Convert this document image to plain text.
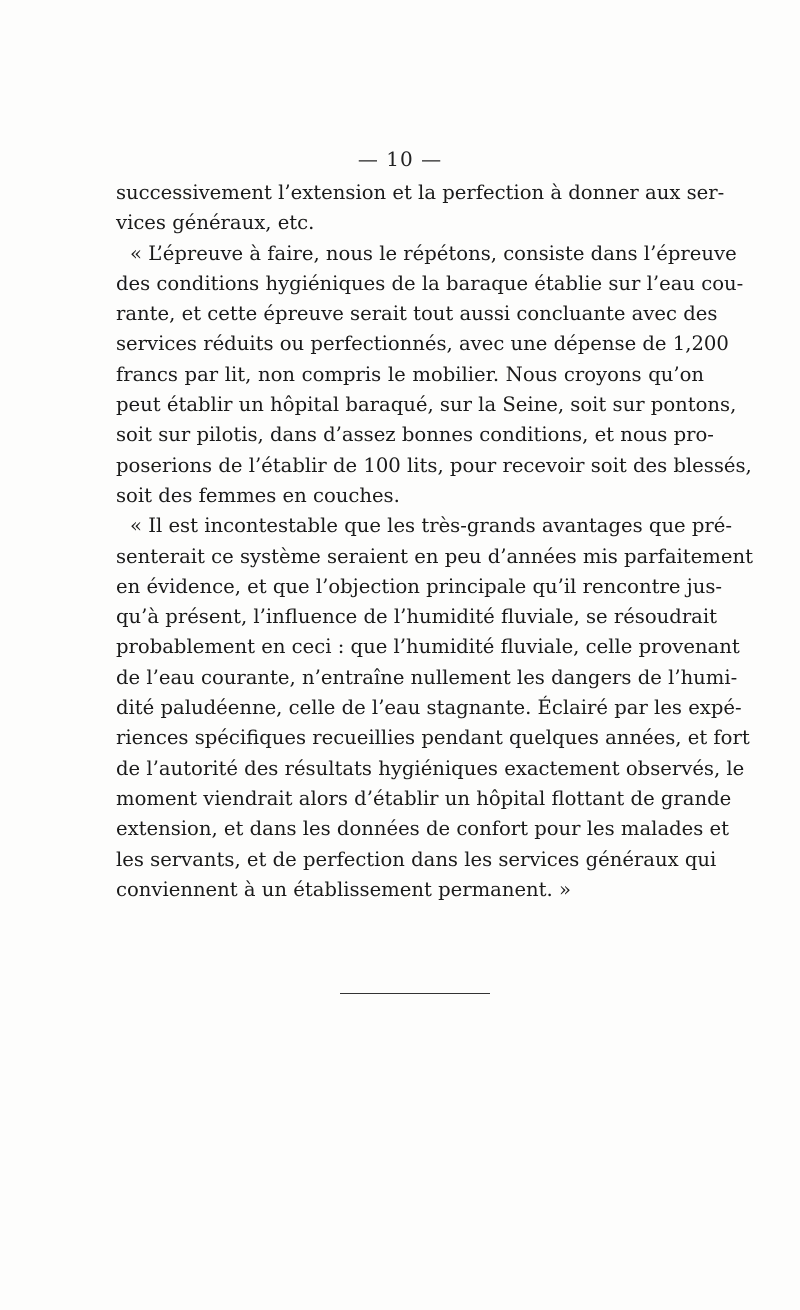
— 10 —
successivement l’extension et la perfection à donner aux ser-
vices généraux, etc.
« L’épreuve à faire, nous le répétons, consiste dans l’épreuve
des conditions hygiéniques de la baraque établie sur l’eau cou-
rante, et cette épreuve serait tout aussi concluante avec des
services réduits ou perfectionnés, avec une dépense de 1,200
francs par lit, non compris le mobilier. Nous croyons qu’on
peut établir un hôpital baraqué, sur la Seine, soit sur pontons,
soit sur pilotis, dans d’assez bonnes conditions, et nous pro-
poserions de l’établir de 100 lits, pour recevoir soit des blessés,
soit des femmes en couches.
« Il est incontestable que les très-grands avantages que pré-
senterait ce système seraient en peu d’années mis parfaitement
en évidence, et que l’objection principale qu’il rencontre jus-
qu’à présent, l’influence de l’humidité fluviale, se résoudrait
probablement en ceci : que l’humidité fluviale, celle provenant
de l’eau courante, n’entraîne nullement les dangers de l’humi-
dité paludéenne, celle de l’eau stagnante. Éclairé par les expé-
riences spécifiques recueillies pendant quelques années, et fort
de l’autorité des résultats hygiéniques exactement observés, le
moment viendrait alors d’établir un hôpital flottant de grande
extension, et dans les données de confort pour les malades et
les servants, et de perfection dans les services généraux qui
conviennent à un établissement permanent. »
